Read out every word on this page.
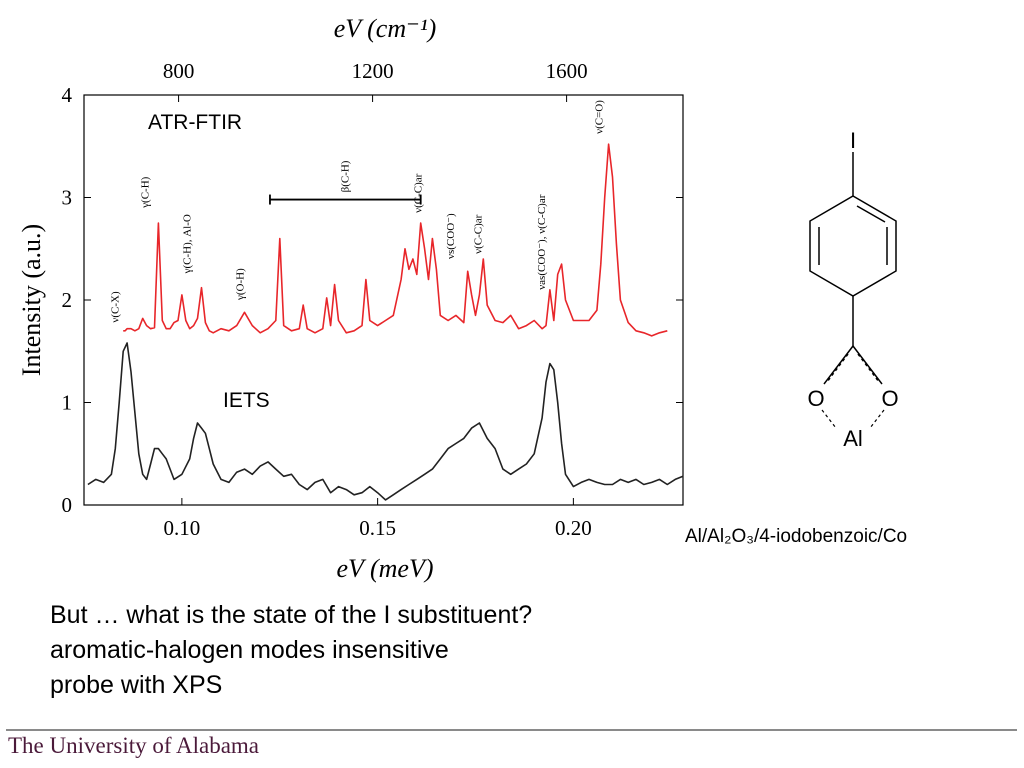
0
1
2
3
4
0.10	0.15	0.20
800	1200	1600
ν(C-X)
γ(C-H)
γ(C-H), Al-O
γ(O-H)
β(C-H)	ν(C-C)ar
νs(COO⁻) ν(C-C)ar	νas(COO⁻), ν(C-C)ar
ν(C=O)
eV (cm⁻¹)
eV (meV)
Intensity (a.u.)
ATR-FTIR
IETS
I
O	O
Al
Al/Al₂O₃/4-iodobenzoic/Co
But … what is the state of the I substituent?
aromatic-halogen modes insensitive
probe with XPS
The University of Alabama
